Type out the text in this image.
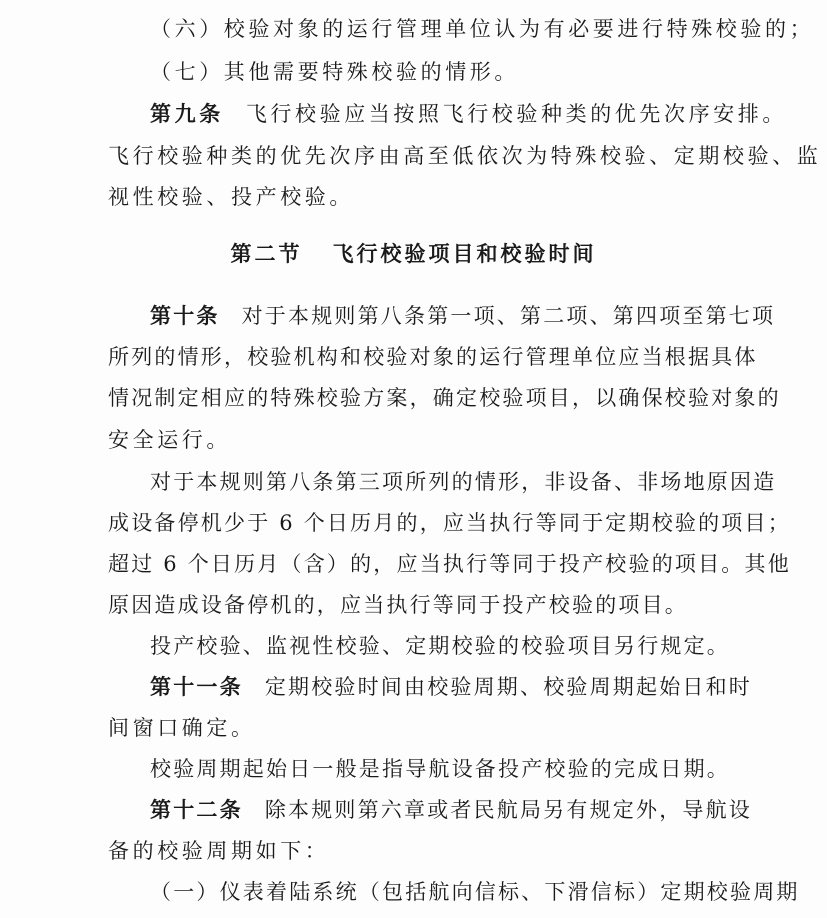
（六）校验对象的运行管理单位认为有必要进行特殊校验的；
（七）其他需要特殊校验的情形。
第九条 飞行校验应当按照飞行校验种类的优先次序安排。
飞行校验种类的优先次序由高至低依次为特殊校验、定期校验、监
视性校验、投产校验。
第二节 飞行校验项目和校验时间
第十条 对于本规则第八条第一项、第二项、第四项至第七项
所列的情形，校验机构和校验对象的运行管理单位应当根据具体
情况制定相应的特殊校验方案，确定校验项目，以确保校验对象的
安全运行。
对于本规则第八条第三项所列的情形，非设备、非场地原因造
成设备停机少于 6 个日历月的，应当执行等同于定期校验的项目；
超过 6 个日历月（含）的，应当执行等同于投产校验的项目。其他
原因造成设备停机的，应当执行等同于投产校验的项目。
投产校验、监视性校验、定期校验的校验项目另行规定。
第十一条 定期校验时间由校验周期、校验周期起始日和时
间窗口确定。
校验周期起始日一般是指导航设备投产校验的完成日期。
第十二条 除本规则第六章或者民航局另有规定外，导航设
备的校验周期如下：
（一）仪表着陆系统（包括航向信标、下滑信标）定期校验周期
